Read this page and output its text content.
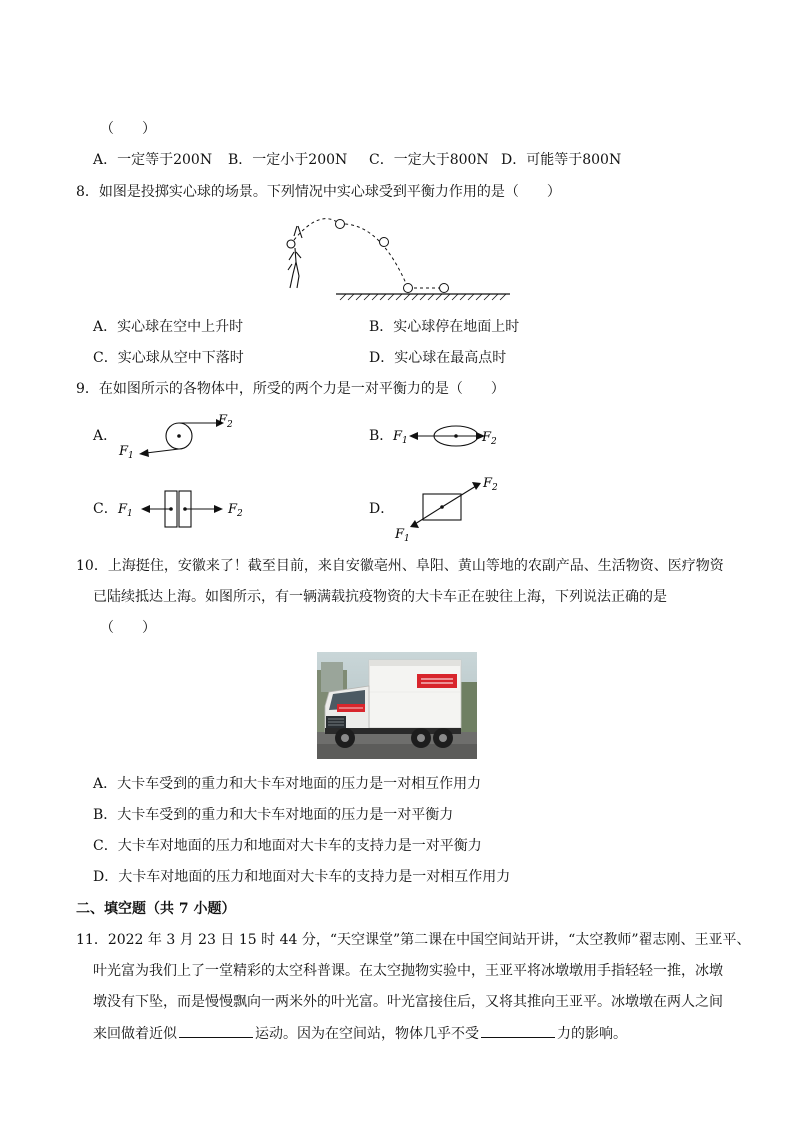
（　　）
A．一定等于200N B．一定小于200N C．一定大于800N D．可能等于800N
8．如图是投掷实心球的场景。下列情况中实心球受到平衡力作用的是（　　）
A．实心球在空中上升时	B．实心球停在地面上时
C．实心球从空中下落时	D．实心球在最高点时
9．在如图所示的各物体中，所受的两个力是一对平衡力的是（　　）
A．
$F_2$
$F_1$
B． $F_1$	$F_2$
C． $F_1$	$F_2$	D．
$F_2$
$F_1$
10．上海挺住，安徽来了！截至目前，来自安徽亳州、阜阳、黄山等地的农副产品、生活物资、医疗物资
已陆续抵达上海。如图所示，有一辆满载抗疫物资的大卡车正在驶往上海，下列说法正确的是
（　　）
A．大卡车受到的重力和大卡车对地面的压力是一对相互作用力
B．大卡车受到的重力和大卡车对地面的压力是一对平衡力
C．大卡车对地面的压力和地面对大卡车的支持力是一对平衡力
D．大卡车对地面的压力和地面对大卡车的支持力是一对相互作用力
二、填空题（共 7 小题）
11．2022 年 3 月 23 日 15 时 44 分，“天空课堂”第二课在中国空间站开讲，“太空教师”翟志刚、王亚平、
叶光富为我们上了一堂精彩的太空科普课。在太空抛物实验中，王亚平将冰墩墩用手指轻轻一推，冰墩
墩没有下坠，而是慢慢飘向一两米外的叶光富。叶光富接住后，又将其推向王亚平。冰墩墩在两人之间
来回做着近似	运动。因为在空间站，物体几乎不受	力的影响。
